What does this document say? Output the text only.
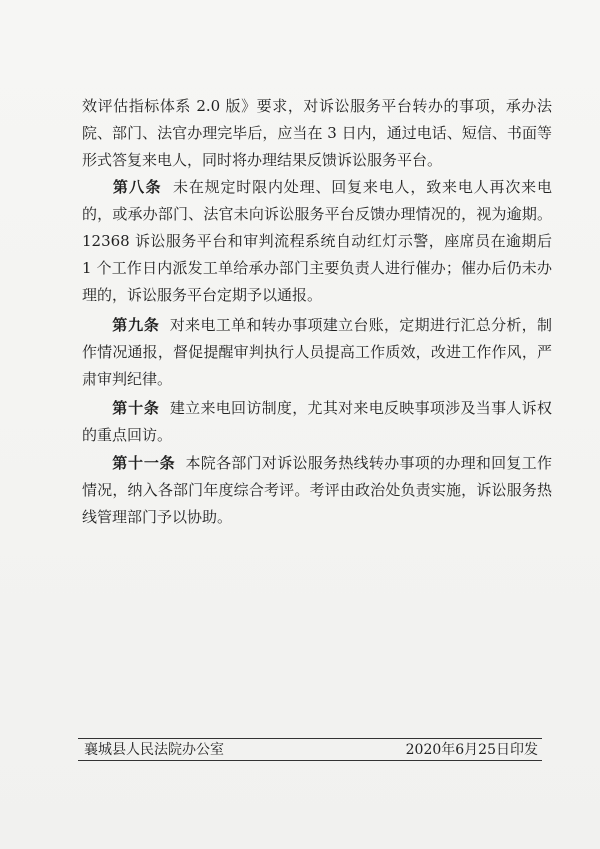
效评估指标体系 2.0 版》要求，对诉讼服务平台转办的事项，承办法院、部门、法官办理完毕后，应当在 3 日内，通过电话、短信、书面等形式答复来电人，同时将办理结果反馈诉讼服务平台。

第八条 未在规定时限内处理、回复来电人，致来电人再次来电的，或承办部门、法官未向诉讼服务平台反馈办理情况的，视为逾期。12368 诉讼服务平台和审判流程系统自动红灯示警，座席员在逾期后 1 个工作日内派发工单给承办部门主要负责人进行催办；催办后仍未办理的，诉讼服务平台定期予以通报。

第九条 对来电工单和转办事项建立台账，定期进行汇总分析，制作情况通报，督促提醒审判执行人员提高工作质效，改进工作作风，严肃审判纪律。

第十条 建立来电回访制度，尤其对来电反映事项涉及当事人诉权的重点回访。

第十一条 本院各部门对诉讼服务热线转办事项的办理和回复工作情况，纳入各部门年度综合考评。考评由政治处负责实施，诉讼服务热线管理部门予以协助。

襄城县人民法院办公室	2020年6月25日印发
